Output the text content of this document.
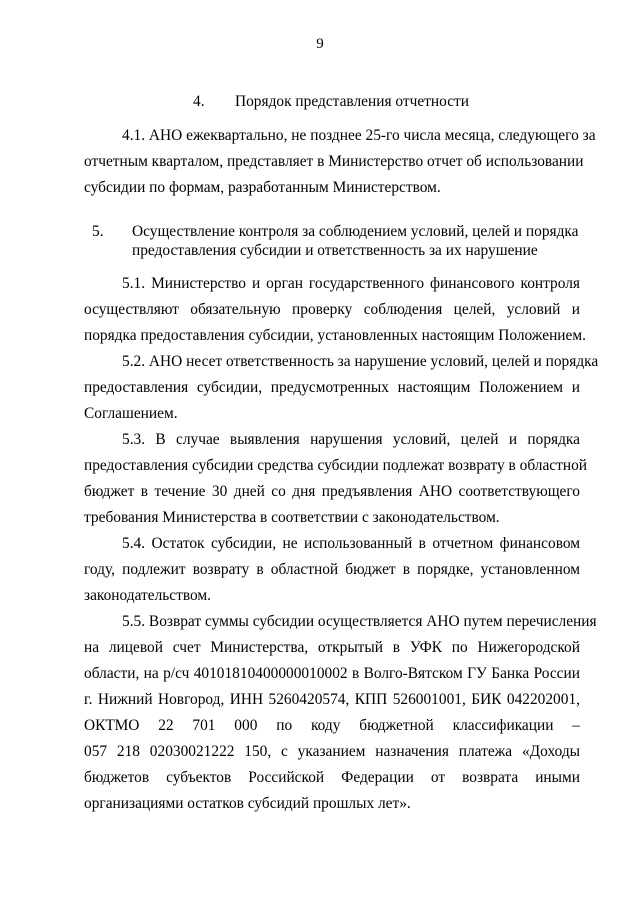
9
4. Порядок представления отчетности
4.1. АНО ежеквартально, не позднее 25-го числа месяца, следующего за
отчетным кварталом, представляет в Министерство отчет об использовании
субсидии по формам, разработанным Министерством.
5. Осуществление контроля за соблюдением условий, целей и порядка
предоставления субсидии и ответственность за их нарушение
5.1. Министерство и орган государственного финансового контроля
осуществляют обязательную проверку соблюдения целей, условий и
порядка предоставления субсидии, установленных настоящим Положением.
5.2. АНО несет ответственность за нарушение условий, целей и порядка
предоставления субсидии, предусмотренных настоящим Положением и
Соглашением.
5.3. В случае выявления нарушения условий, целей и порядка
предоставления субсидии средства субсидии подлежат возврату в областной
бюджет в течение 30 дней со дня предъявления АНО соответствующего
требования Министерства в соответствии с законодательством.
5.4. Остаток субсидии, не использованный в отчетном финансовом
году, подлежит возврату в областной бюджет в порядке, установленном
законодательством.
5.5. Возврат суммы субсидии осуществляется АНО путем перечисления
на лицевой счет Министерства, открытый в УФК по Нижегородской
области, на р/сч 40101810400000010002 в Волго-Вятском ГУ Банка России
г. Нижний Новгород, ИНН 5260420574, КПП 526001001, БИК 042202001,
ОКТМО 22 701 000 по коду бюджетной классификации –
057 218 02030021222 150, с указанием назначения платежа «Доходы
бюджетов субъектов Российской Федерации от возврата иными
организациями остатков субсидий прошлых лет».
